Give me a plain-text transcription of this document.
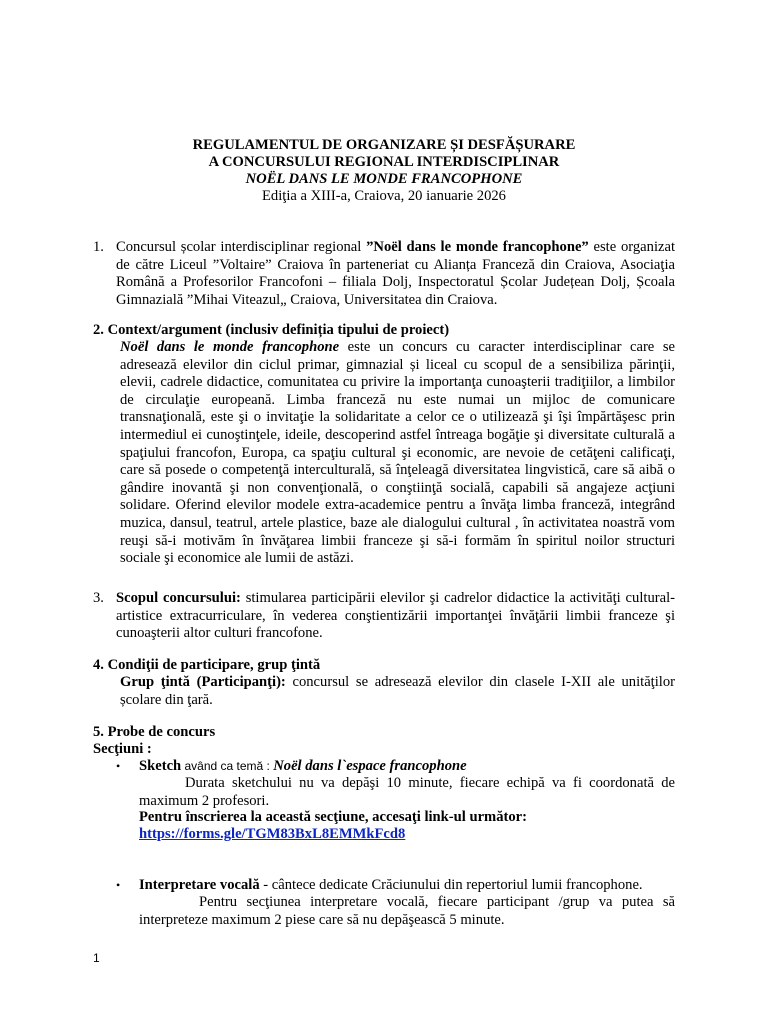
REGULAMENTUL DE ORGANIZARE ȘI DESFĂȘURARE
A CONCURSULUI REGIONAL INTERDISCIPLINAR
NOËL DANS LE MONDE FRANCOPHONE
Ediţia a XIII-a, Craiova, 20 ianuarie 2026
1. Concursul școlar interdisciplinar regional ”Noël dans le monde francophone” este organizat de către Liceul ”Voltaire” Craiova în parteneriat cu Alianța Franceză din Craiova, Asociaţia Română a Profesorilor Francofoni – filiala Dolj, Inspectoratul Școlar Județean Dolj, Școala Gimnazială ”Mihai Viteazul„ Craiova, Universitatea din Craiova.
2. Context/argument (inclusiv definiția tipului de proiect)
Noël dans le monde francophone este un concurs cu caracter interdisciplinar care se adresează elevilor din ciclul primar, gimnazial și liceal cu scopul de a sensibiliza părinţii, elevii, cadrele didactice, comunitatea cu privire la importanţa cunoaşterii tradiţiilor, a limbilor de circulaţie europeană. Limba franceză nu este numai un mijloc de comunicare transnaţională, este şi o invitaţie la solidaritate a celor ce o utilizează şi îşi împărtăşesc prin intermediul ei cunoştinţele, ideile, descoperind astfel întreaga bogăţie şi diversitate culturală a spaţiului francofon, Europa, ca spaţiu cultural şi economic, are nevoie de cetăţeni calificaţi, care să posede o competenţă interculturală, să înţeleagă diversitatea lingvistică, care să aibă o gândire inovantă şi non convenţională, o conştiinţă socială, capabili să angajeze acţiuni solidare. Oferind elevilor modele extra-academice pentru a învăţa limba franceză, integrând muzica, dansul, teatrul, artele plastice, baze ale dialogului cultural , în activitatea noastră vom reuşi să-i motivăm în învăţarea limbii franceze şi să-i formăm în spiritul noilor structuri sociale şi economice ale lumii de astăzi.
3. Scopul concursului: stimularea participării elevilor şi cadrelor didactice la activităţi cultural- artistice extracurriculare, în vederea conştientizării importanţei învăţării limbii franceze şi cunoaşterii altor culturi francofone.
4. Condiţii de participare, grup ţintă
Grup ţintă (Participanţi): concursul se adresează elevilor din clasele I-XII ale unităţilor școlare din ţară.
5. Probe de concurs
Secţiuni :
• Sketch având ca temă : Noël dans l`espace francophone
Durata sketchului nu va depăşi 10 minute, fiecare echipă va fi coordonată de maximum 2 profesori.
Pentru înscrierea la această secţiune, accesaţi link-ul următor:
https://forms.gle/TGM83BxL8EMMkFcd8
• Interpretare vocală - cântece dedicate Crăciunului din repertoriul lumii francophone.
Pentru secţiunea interpretare vocală, fiecare participant /grup va putea să interpreteze maximum 2 piese care să nu depăşească 5 minute.
1
